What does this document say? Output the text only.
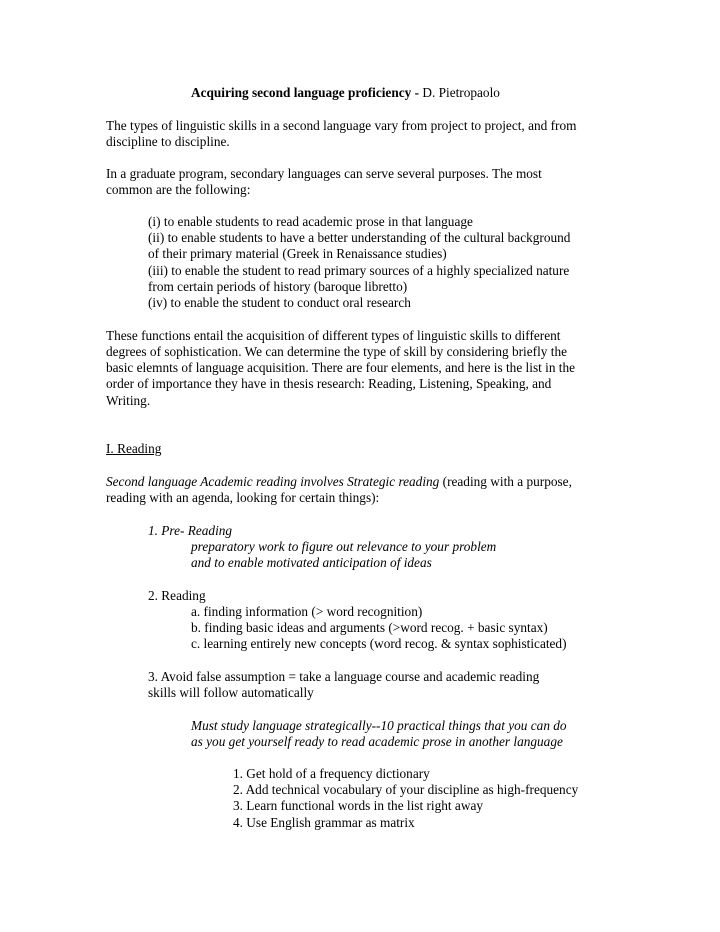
Acquiring second language proficiency - D. Pietropaolo
The types of linguistic skills in a second language vary from project to project, and from
discipline to discipline.
In a graduate program, secondary languages can serve several purposes. The most
common are the following:
(i) to enable students to read academic prose in that language
(ii) to enable students to have a better understanding of the cultural background
of their primary material (Greek in Renaissance studies)
(iii) to enable the student to read primary sources of a highly specialized nature
from certain periods of history (baroque libretto)
(iv) to enable the student to conduct oral research
These functions entail the acquisition of different types of linguistic skills to different
degrees of sophistication. We can determine the type of skill by considering briefly the
basic elemnts of language acquisition. There are four elements, and here is the list in the
order of importance they have in thesis research: Reading, Listening, Speaking, and
Writing.
I. Reading
Second language Academic reading involves Strategic reading (reading with a purpose,
reading with an agenda, looking for certain things):
1. Pre- Reading
preparatory work to figure out relevance to your problem
and to enable motivated anticipation of ideas
2. Reading
a. finding information (> word recognition)
b. finding basic ideas and arguments (>word recog. + basic syntax)
c. learning entirely new concepts (word recog. & syntax sophisticated)
3. Avoid false assumption = take a language course and academic reading
skills will follow automatically
Must study language strategically--10 practical things that you can do
as you get yourself ready to read academic prose in another language
1. Get hold of a frequency dictionary
2. Add technical vocabulary of your discipline as high-frequency
3. Learn functional words in the list right away
4. Use English grammar as matrix
